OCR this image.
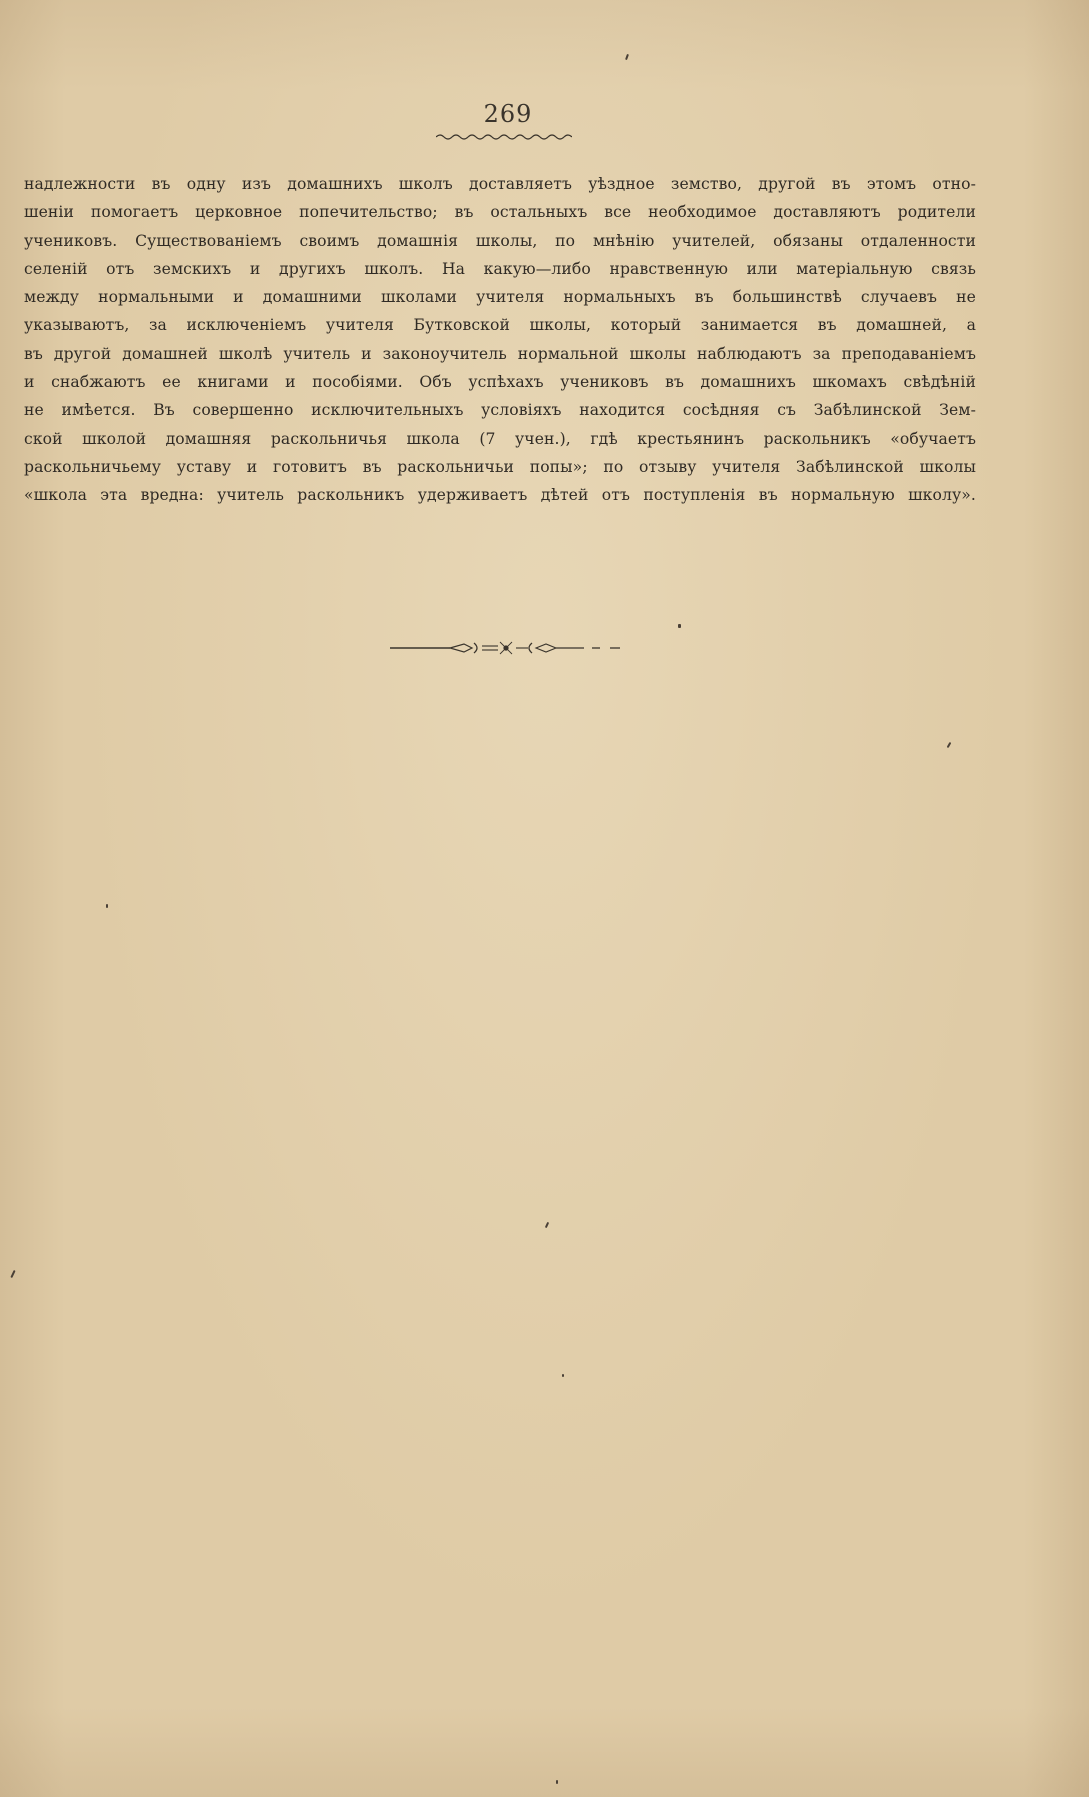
269
надлежности въ одну изъ домашнихъ школъ доставляетъ уѣздное земство, другой въ этомъ отно-
шеніи помогаетъ церковное попечительство; въ остальныхъ все необходимое доставляютъ родители
учениковъ. Существованіемъ своимъ домашнія школы, по мнѣнію учителей, обязаны отдаленности
селеній отъ земскихъ и другихъ школъ. На какую—либо нравственную или матеріальную связь
между нормальными и домашними школами учителя нормальныхъ въ большинствѣ случаевъ не
указываютъ, за исключеніемъ учителя Бутковской школы, который занимается въ домашней, а
въ другой домашней школѣ учитель и законоучитель нормальной школы наблюдаютъ за преподаваніемъ
и снабжаютъ ее книгами и пособіями. Объ успѣхахъ учениковъ въ домашнихъ шкомахъ свѣдѣній
не имѣется. Въ совершенно исключительныхъ условіяхъ находится сосѣдняя съ Забѣлинской Зем-
ской школой домашняя раскольничья школа (7 учен.), гдѣ крестьянинъ раскольникъ «обучаетъ
раскольничьему уставу и готовитъ въ раскольничьи попы»; по отзыву учителя Забѣлинской школы
«школа эта вредна: учитель раскольникъ удерживаетъ дѣтей отъ поступленія въ нормальную школу».
